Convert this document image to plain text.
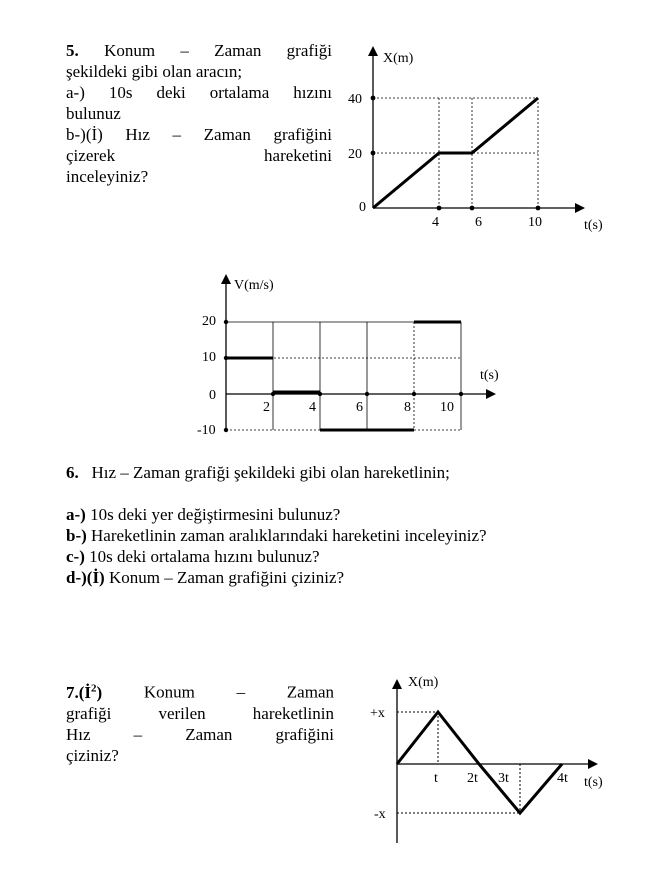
5. Konum – Zaman grafiği
şekildeki gibi olan aracın;
a-) 10s deki ortalama hızını
bulunuz
b-)(İ) Hız – Zaman grafiğini
çizerek	hareketini
inceleyiniz?
6. Hız – Zaman grafiği şekildeki gibi olan hareketlinin;
a-) 10s deki yer değiştirmesini bulunuz?
b-) Hareketlinin zaman aralıklarındaki hareketini inceleyiniz?
c-) 10s deki ortalama hızını bulunuz?
d-)(İ) Konum – Zaman grafiğini çiziniz?
$7.(İ^2)$ Konum – Zaman
grafiği verilen hareketlinin
Hız – Zaman grafiğini
çiziniz?
X(m)
t(s)
40
20
0
4	6	10
V(m/s)
t(s)
20
10
0
-10
2	4	6	8 10
X(m)
t(s)
+x
-x
t 2t 3t	4t
